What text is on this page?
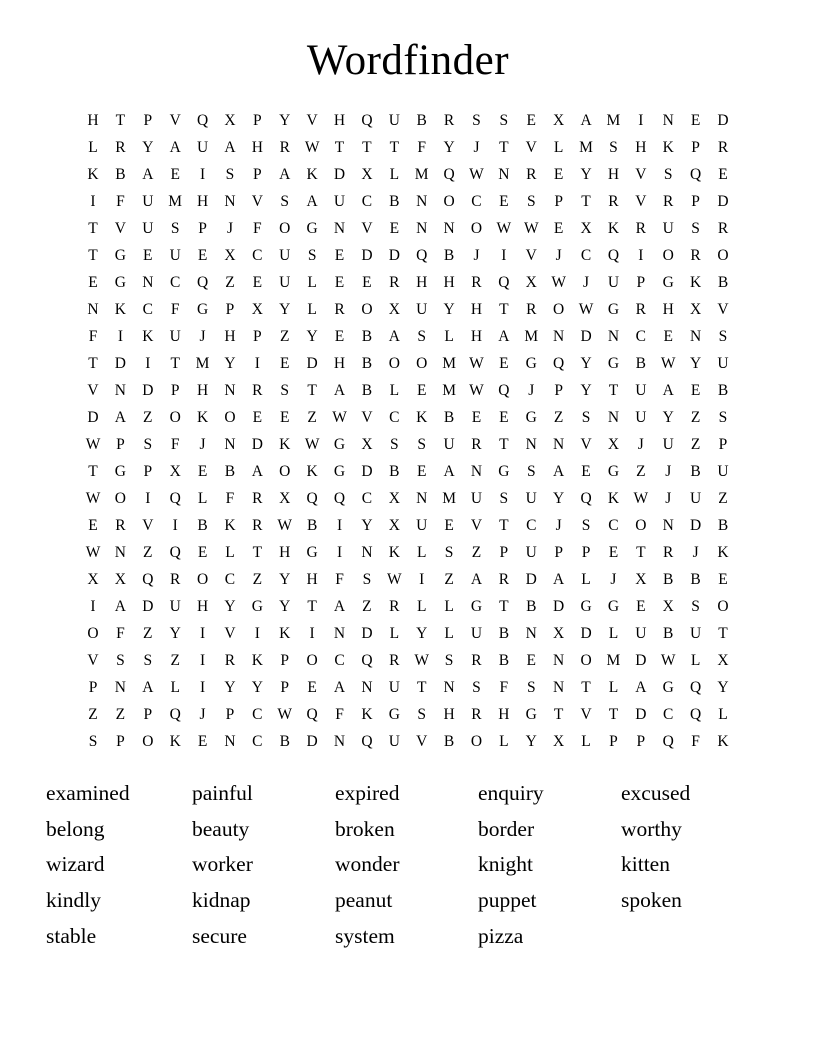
Wordfinder
H	T	P	V	Q	X	P	Y	V	H	Q	U	B	R	S	S	E	X	A	M	I	N	E	D
L	R	Y	A	U	A	H	R	W	T	T	T	F	Y	J	T	V	L	M	S	H	K	P	R
K	B	A	E	I	S	P	A	K	D	X	L	M	Q	W	N	R	E	Y	H	V	S	Q	E
I	F	U	M	H	N	V	S	A	U	C	B	N	O	C	E	S	P	T	R	V	R	P	D
T	V	U	S	P	J	F	O	G	N	V	E	N	N	O	W	W	E	X	K	R	U	S	R
T	G	E	U	E	X	C	U	S	E	D	D	Q	B	J	I	V	J	C	Q	I	O	R	O
E	G	N	C	Q	Z	E	U	L	E	E	R	H	H	R	Q	X	W	J	U	P	G	K	B
N	K	C	F	G	P	X	Y	L	R	O	X	U	Y	H	T	R	O	W	G	R	H	X	V
F	I	K	U	J	H	P	Z	Y	E	B	A	S	L	H	A	M	N	D	N	C	E	N	S
T	D	I	T	M	Y	I	E	D	H	B	O	O	M	W	E	G	Q	Y	G	B	W	Y	U
V	N	D	P	H	N	R	S	T	A	B	L	E	M	W	Q	J	P	Y	T	U	A	E	B
D	A	Z	O	K	O	E	E	Z	W	V	C	K	B	E	E	G	Z	S	N	U	Y	Z	S
W	P	S	F	J	N	D	K	W	G	X	S	S	U	R	T	N	N	V	X	J	U	Z	P
T	G	P	X	E	B	A	O	K	G	D	B	E	A	N	G	S	A	E	G	Z	J	B	U
W	O	I	Q	L	F	R	X	Q	Q	C	X	N	M	U	S	U	Y	Q	K	W	J	U	Z
E	R	V	I	B	K	R	W	B	I	Y	X	U	E	V	T	C	J	S	C	O	N	D	B
W	N	Z	Q	E	L	T	H	G	I	N	K	L	S	Z	P	U	P	P	E	T	R	J	K
X	X	Q	R	O	C	Z	Y	H	F	S	W	I	Z	A	R	D	A	L	J	X	B	B	E
I	A	D	U	H	Y	G	Y	T	A	Z	R	L	L	G	T	B	D	G	G	E	X	S	O
O	F	Z	Y	I	V	I	K	I	N	D	L	Y	L	U	B	N	X	D	L	U	B	U	T
V	S	S	Z	I	R	K	P	O	C	Q	R	W	S	R	B	E	N	O	M	D	W	L	X
P	N	A	L	I	Y	Y	P	E	A	N	U	T	N	S	F	S	N	T	L	A	G	Q	Y
Z	Z	P	Q	J	P	C	W	Q	F	K	G	S	H	R	H	G	T	V	T	D	C	Q	L
S	P	O	K	E	N	C	B	D	N	Q	U	V	B	O	L	Y	X	L	P	P	Q	F	K
examined	painful	expired	enquiry	excused
belong	beauty	broken	border	worthy
wizard	worker	wonder	knight	kitten
kindly	kidnap	peanut	puppet	spoken
stable	secure	system	pizza	
